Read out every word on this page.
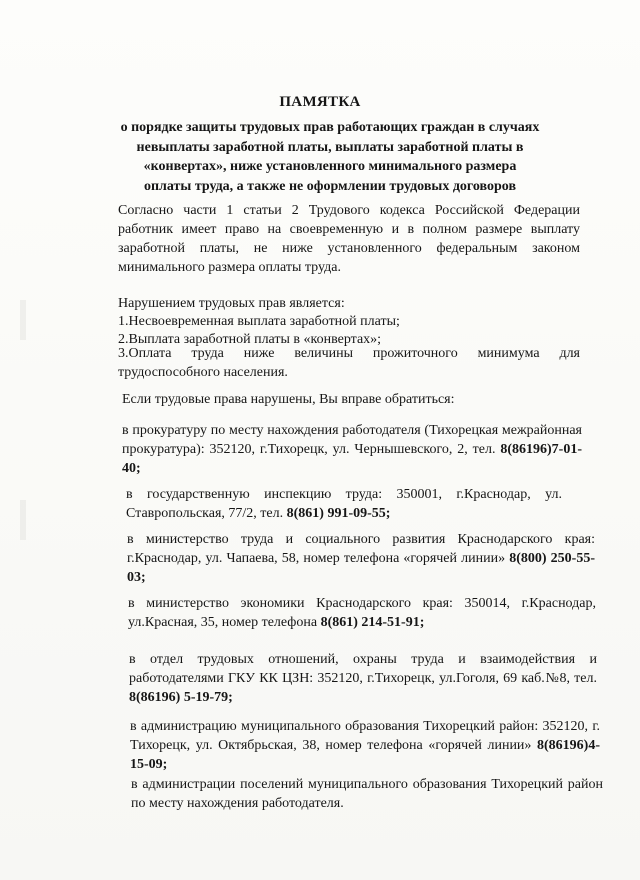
ПАМЯТКА
о порядке защиты трудовых прав работающих граждан в случаях невыплаты заработной платы, выплаты заработной платы в «конвертах», ниже установленного минимального размера оплаты труда, а также не оформлении трудовых договоров
Согласно части 1 статьи 2 Трудового кодекса Российской Федерации работник имеет право на своевременную и в полном размере выплату заработной платы, не ниже установленного федеральным законом минимального размера оплаты труда.
Нарушением трудовых прав является:
1.Несвоевременная выплата заработной платы;
2.Выплата заработной платы в «конвертах»;
3.Оплата труда ниже величины прожиточного минимума для трудоспособного населения.
Если трудовые права нарушены, Вы вправе обратиться:
в прокуратуру по месту нахождения работодателя (Тихорецкая межрайонная прокуратура): 352120, г.Тихорецк, ул. Чернышевского, 2, тел. 8(86196)7-01-40;
в государственную инспекцию труда: 350001, г.Краснодар, ул. Ставропольская, 77/2, тел. 8(861) 991-09-55;
в министерство труда и социального развития Краснодарского края: г.Краснодар, ул. Чапаева, 58, номер телефона «горячей линии» 8(800) 250-55-03;
в министерство экономики Краснодарского края: 350014, г.Краснодар, ул.Красная, 35, номер телефона 8(861) 214-51-91;
в отдел трудовых отношений, охраны труда и взаимодействия и работодателями ГКУ КК ЦЗН: 352120, г.Тихорецк, ул.Гоголя, 69 каб.№8, тел. 8(86196) 5-19-79;
в администрацию муниципального образования Тихорецкий район: 352120, г. Тихорецк, ул. Октябрьская, 38, номер телефона «горячей линии» 8(86196)4-15-09;
в администрации поселений муниципального образования Тихорецкий район по месту нахождения работодателя.
